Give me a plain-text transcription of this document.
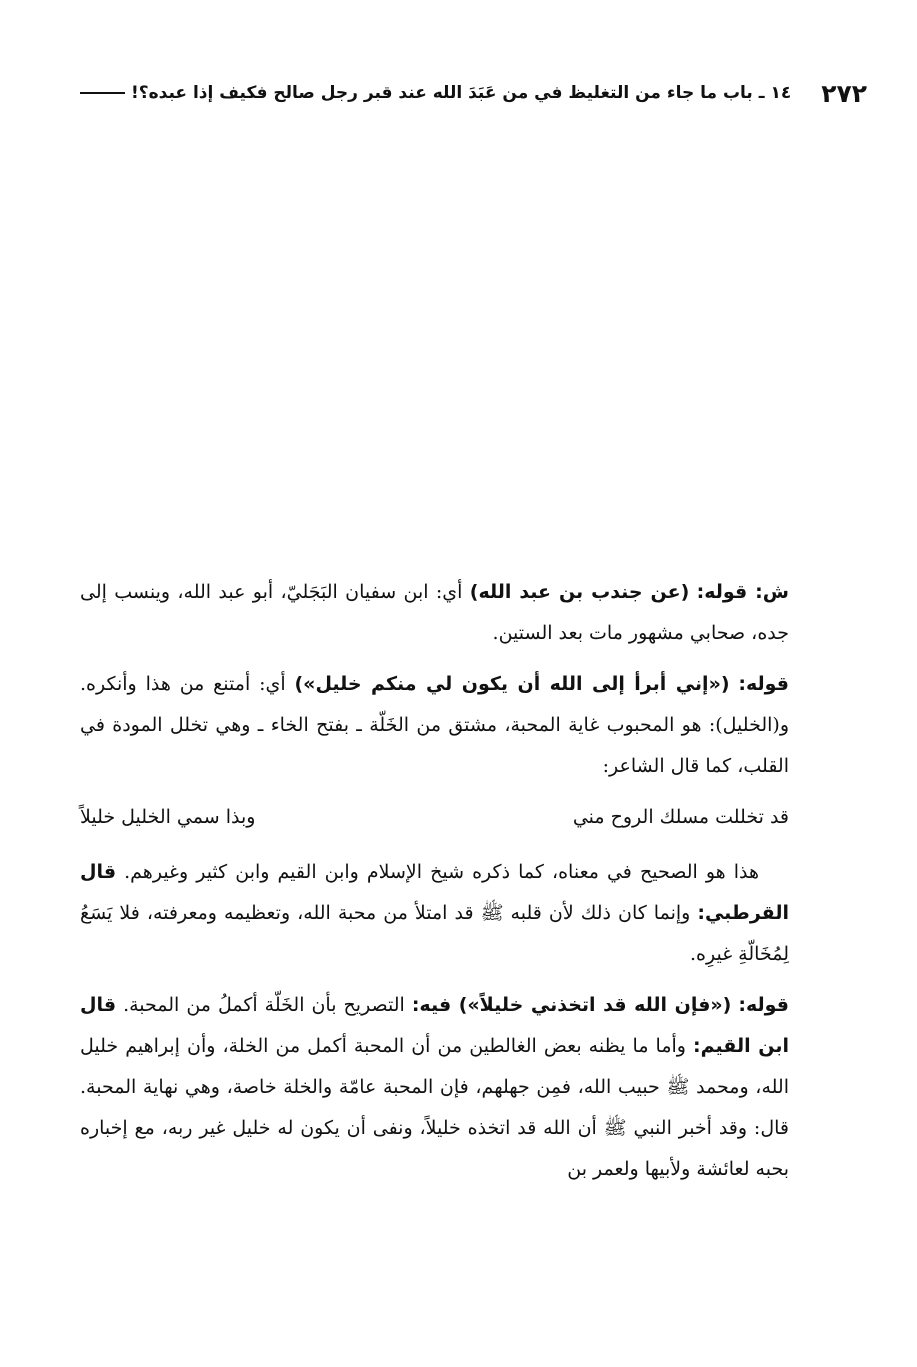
٢٧٢
١٤ ـ باب ما جاء من التغليظ في من عَبَدَ الله عند قبر رجل صالح فكيف إذا عبده؟!

ش: قوله: (عن جندب بن عبد الله) أي: ابن سفيان البَجَليّ، أبو عبد الله، وينسب إلى جده، صحابي مشهور مات بعد الستين.

قوله: («إني أبرأ إلى الله أن يكون لي منكم خليل») أي: أمتنع من هذا وأنكره. و(الخليل): هو المحبوب غاية المحبة، مشتق من الخَلّة ـ بفتح الخاء ـ وهي تخلل المودة في القلب، كما قال الشاعر:

قد تخللت مسلك الروح مني
وبذا سمي الخليل خليلاً

هذا هو الصحيح في معناه، كما ذكره شيخ الإسلام وابن القيم وابن كثير وغيرهم. قال القرطبي: وإنما كان ذلك لأن قلبه ﷺ قد امتلأ من محبة الله، وتعظيمه ومعرفته، فلا يَسَعُ لِمُخَالّةِ غيرِه.

قوله: («فإن الله قد اتخذني خليلاً») فيه: التصريح بأن الخَلّة أكملُ من المحبة. قال ابن القيم: وأما ما يظنه بعض الغالطين من أن المحبة أكمل من الخلة، وأن إبراهيم خليل الله، ومحمد ﷺ حبيب الله، فمِن جهلهم، فإن المحبة عامّة والخلة خاصة، وهي نهاية المحبة. قال: وقد أخبر النبي ﷺ أن الله قد اتخذه خليلاً، ونفى أن يكون له خليل غير ربه، مع إخباره بحبه لعائشة ولأبيها ولعمر بن
